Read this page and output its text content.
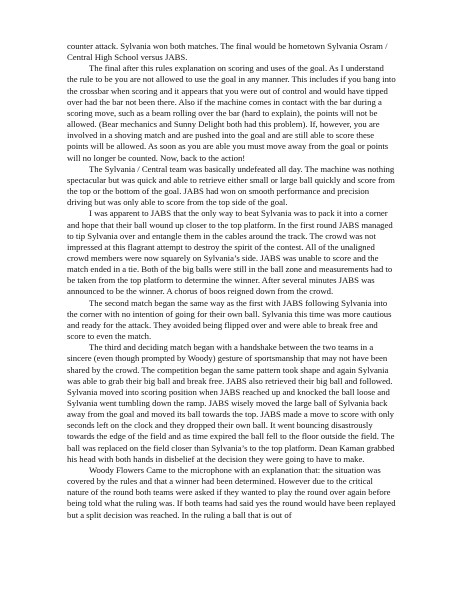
counter attack. Sylvania won both matches. The final would be hometown Sylvania Osram / Central High School versus JABS.

The final after this rules explanation on scoring and uses of the goal. As I understand the rule to be you are not allowed to use the goal in any manner. This includes if you bang into the crossbar when scoring and it appears that you were out of control and would have tipped over had the bar not been there. Also if the machine comes in contact with the bar during a scoring move, such as a beam rolling over the bar (hard to explain), the points will not be allowed. (Bear mechanics and Sunny Delight both had this problem). If, however, you are involved in a shoving match and are pushed into the goal and are still able to score these points will be allowed. As soon as you are able you must move away from the goal or points will no longer be counted. Now, back to the action!

The Sylvania / Central team was basically undefeated all day. The machine was nothing spectacular but was quick and able to retrieve either small or large ball quickly and score from the top or the bottom of the goal. JABS had won on smooth performance and precision driving but was only able to score from the top side of the goal.

I was apparent to JABS that the only way to beat Sylvania was to pack it into a corner and hope that their ball wound up closer to the top platform. In the first round JABS managed to tip Sylvania over and entangle them in the cables around the track. The crowd was not impressed at this flagrant attempt to destroy the spirit of the contest. All of the unaligned crowd members were now squarely on Sylvania’s side. JABS was unable to score and the match ended in a tie. Both of the big balls were still in the ball zone and measurements had to be taken from the top platform to determine the winner. After several minutes JABS was announced to be the winner. A chorus of boos reigned down from the crowd.

The second match began the same way as the first with JABS following Sylvania into the corner with no intention of going for their own ball. Sylvania this time was more cautious and ready for the attack. They avoided being flipped over and were able to break free and score to even the match.

The third and deciding match began with a handshake between the two teams in a sincere (even though prompted by Woody) gesture of sportsmanship that may not have been shared by the crowd. The competition began the same pattern took shape and again Sylvania was able to grab their big ball and break free. JABS also retrieved their big ball and followed. Sylvania moved into scoring position when JABS reached up and knocked the ball loose and Sylvania went tumbling down the ramp. JABS wisely moved the large ball of Sylvania back away from the goal and moved its ball towards the top. JABS made a move to score with only seconds left on the clock and they dropped their own ball. It went bouncing disastrously towards the edge of the field and as time expired the ball fell to the floor outside the field. The ball was replaced on the field closer than Sylvania’s to the top platform. Dean Kaman grabbed his head with both hands in disbelief at the decision they were going to have to make.

Woody Flowers Came to the microphone with an explanation that: the situation was covered by the rules and that a winner had been determined. However due to the critical nature of the round both teams were asked if they wanted to play the round over again before being told what the ruling was. If both teams had said yes the round would have been replayed but a split decision was reached. In the ruling a ball that is out of
